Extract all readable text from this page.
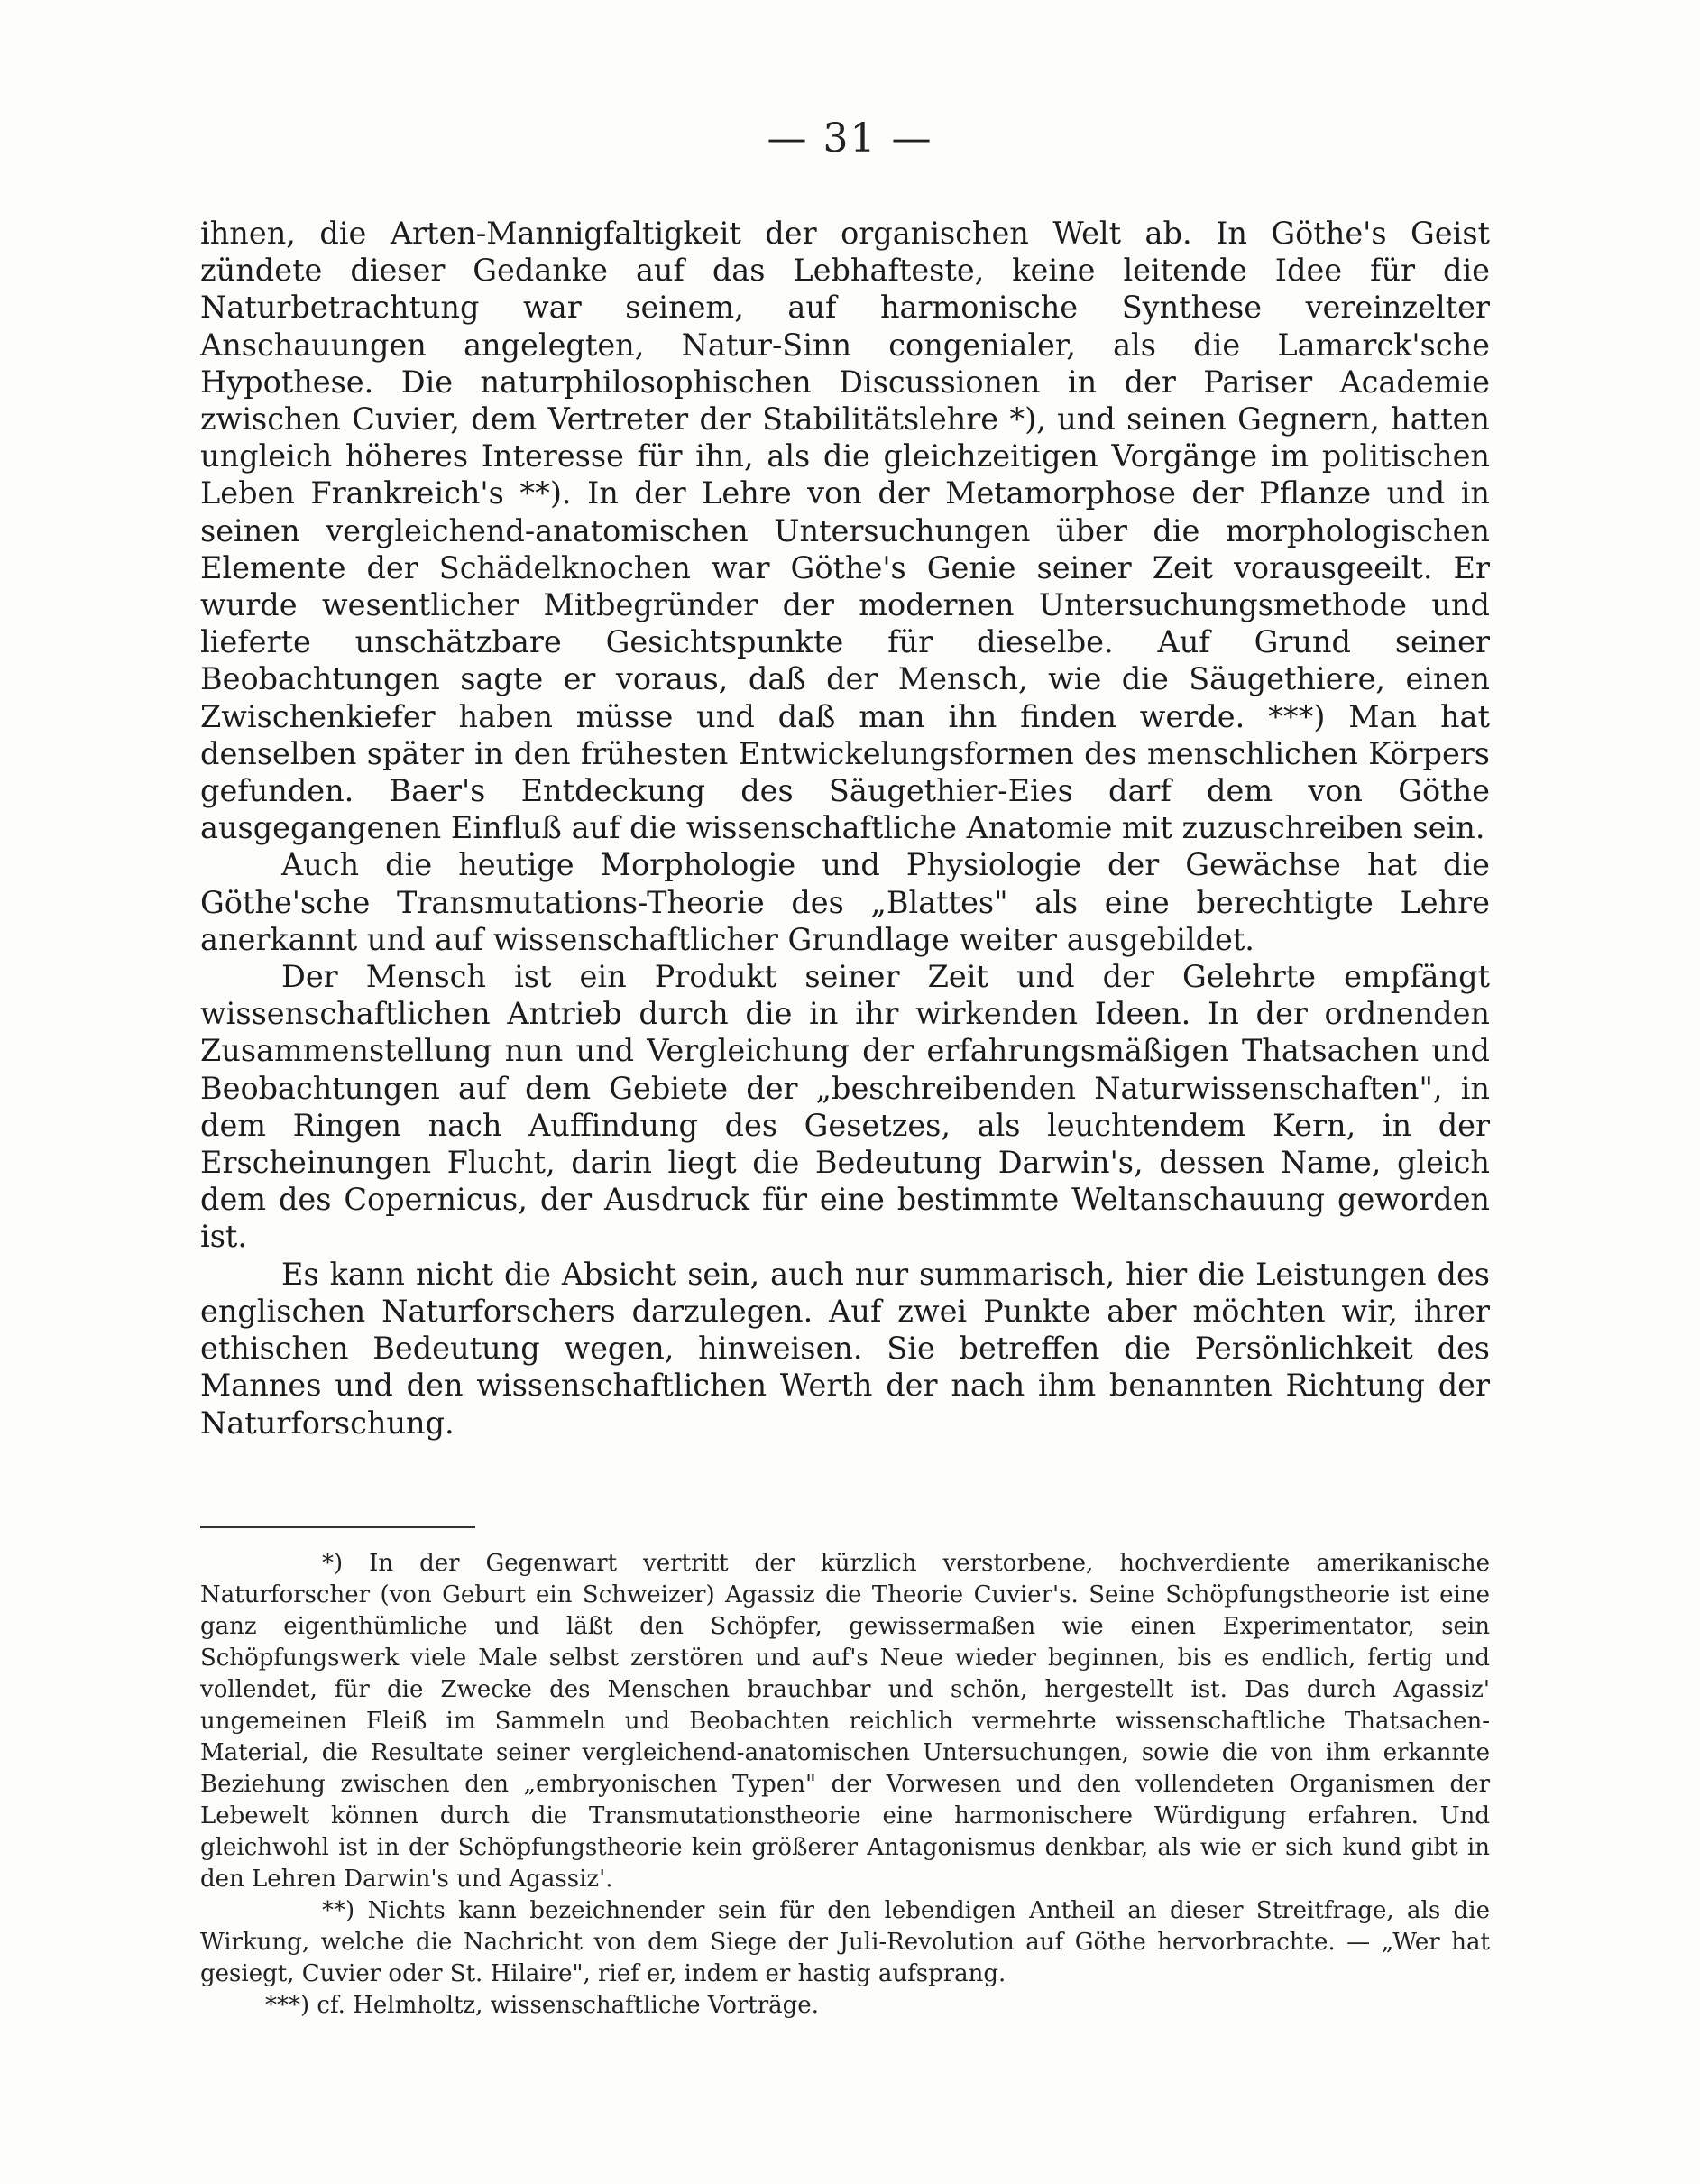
— 31 —

ihnen, die Arten-Mannigfaltigkeit der organischen Welt ab. In Göthe's Geist zündete dieser Gedanke auf das Lebhafteste, keine leitende Idee für die Naturbetrachtung war seinem, auf harmonische Synthese vereinzelter Anschauungen angelegten, Natur-Sinn congenialer, als die Lamarck'sche Hypothese. Die naturphilosophischen Discussionen in der Pariser Academie zwischen Cuvier, dem Vertreter der Stabilitätslehre *), und seinen Gegnern, hatten ungleich höheres Interesse für ihn, als die gleichzeitigen Vorgänge im politischen Leben Frankreich's **). In der Lehre von der Metamorphose der Pflanze und in seinen vergleichend-anatomischen Untersuchungen über die morphologischen Elemente der Schädelknochen war Göthe's Genie seiner Zeit vorausgeeilt. Er wurde wesentlicher Mitbegründer der modernen Untersuchungsmethode und lieferte unschätzbare Gesichtspunkte für dieselbe. Auf Grund seiner Beobachtungen sagte er voraus, daß der Mensch, wie die Säugethiere, einen Zwischenkiefer haben müsse und daß man ihn finden werde. ***) Man hat denselben später in den frühesten Entwickelungsformen des menschlichen Körpers gefunden. Baer's Entdeckung des Säugethier-Eies darf dem von Göthe ausgegangenen Einfluß auf die wissenschaftliche Anatomie mit zuzuschreiben sein.

Auch die heutige Morphologie und Physiologie der Gewächse hat die Göthe'sche Transmutations-Theorie des „Blattes" als eine berechtigte Lehre anerkannt und auf wissenschaftlicher Grundlage weiter ausgebildet.

Der Mensch ist ein Produkt seiner Zeit und der Gelehrte empfängt wissenschaftlichen Antrieb durch die in ihr wirkenden Ideen. In der ordnenden Zusammenstellung nun und Vergleichung der erfahrungsmäßigen Thatsachen und Beobachtungen auf dem Gebiete der „beschreibenden Naturwissenschaften", in dem Ringen nach Auffindung des Gesetzes, als leuchtendem Kern, in der Erscheinungen Flucht, darin liegt die Bedeutung Darwin's, dessen Name, gleich dem des Copernicus, der Ausdruck für eine bestimmte Weltanschauung geworden ist.

Es kann nicht die Absicht sein, auch nur summarisch, hier die Leistungen des englischen Naturforschers darzulegen. Auf zwei Punkte aber möchten wir, ihrer ethischen Bedeutung wegen, hinweisen. Sie betreffen die Persönlichkeit des Mannes und den wissenschaftlichen Werth der nach ihm benannten Richtung der Naturforschung.

*) In der Gegenwart vertritt der kürzlich verstorbene, hochverdiente amerikanische Naturforscher (von Geburt ein Schweizer) Agassiz die Theorie Cuvier's. Seine Schöpfungstheorie ist eine ganz eigenthümliche und läßt den Schöpfer, gewissermaßen wie einen Experimentator, sein Schöpfungswerk viele Male selbst zerstören und auf's Neue wieder beginnen, bis es endlich, fertig und vollendet, für die Zwecke des Menschen brauchbar und schön, hergestellt ist. Das durch Agassiz' ungemeinen Fleiß im Sammeln und Beobachten reichlich vermehrte wissenschaftliche Thatsachen-Material, die Resultate seiner vergleichend-anatomischen Untersuchungen, sowie die von ihm erkannte Beziehung zwischen den „embryonischen Typen" der Vorwesen und den vollendeten Organismen der Lebewelt können durch die Transmutationstheorie eine harmonischere Würdigung erfahren. Und gleichwohl ist in der Schöpfungstheorie kein größerer Antagonismus denkbar, als wie er sich kund gibt in den Lehren Darwin's und Agassiz'.

**) Nichts kann bezeichnender sein für den lebendigen Antheil an dieser Streitfrage, als die Wirkung, welche die Nachricht von dem Siege der Juli-Revolution auf Göthe hervorbrachte. — „Wer hat gesiegt, Cuvier oder St. Hilaire", rief er, indem er hastig aufsprang.

***) cf. Helmholtz, wissenschaftliche Vorträge.
